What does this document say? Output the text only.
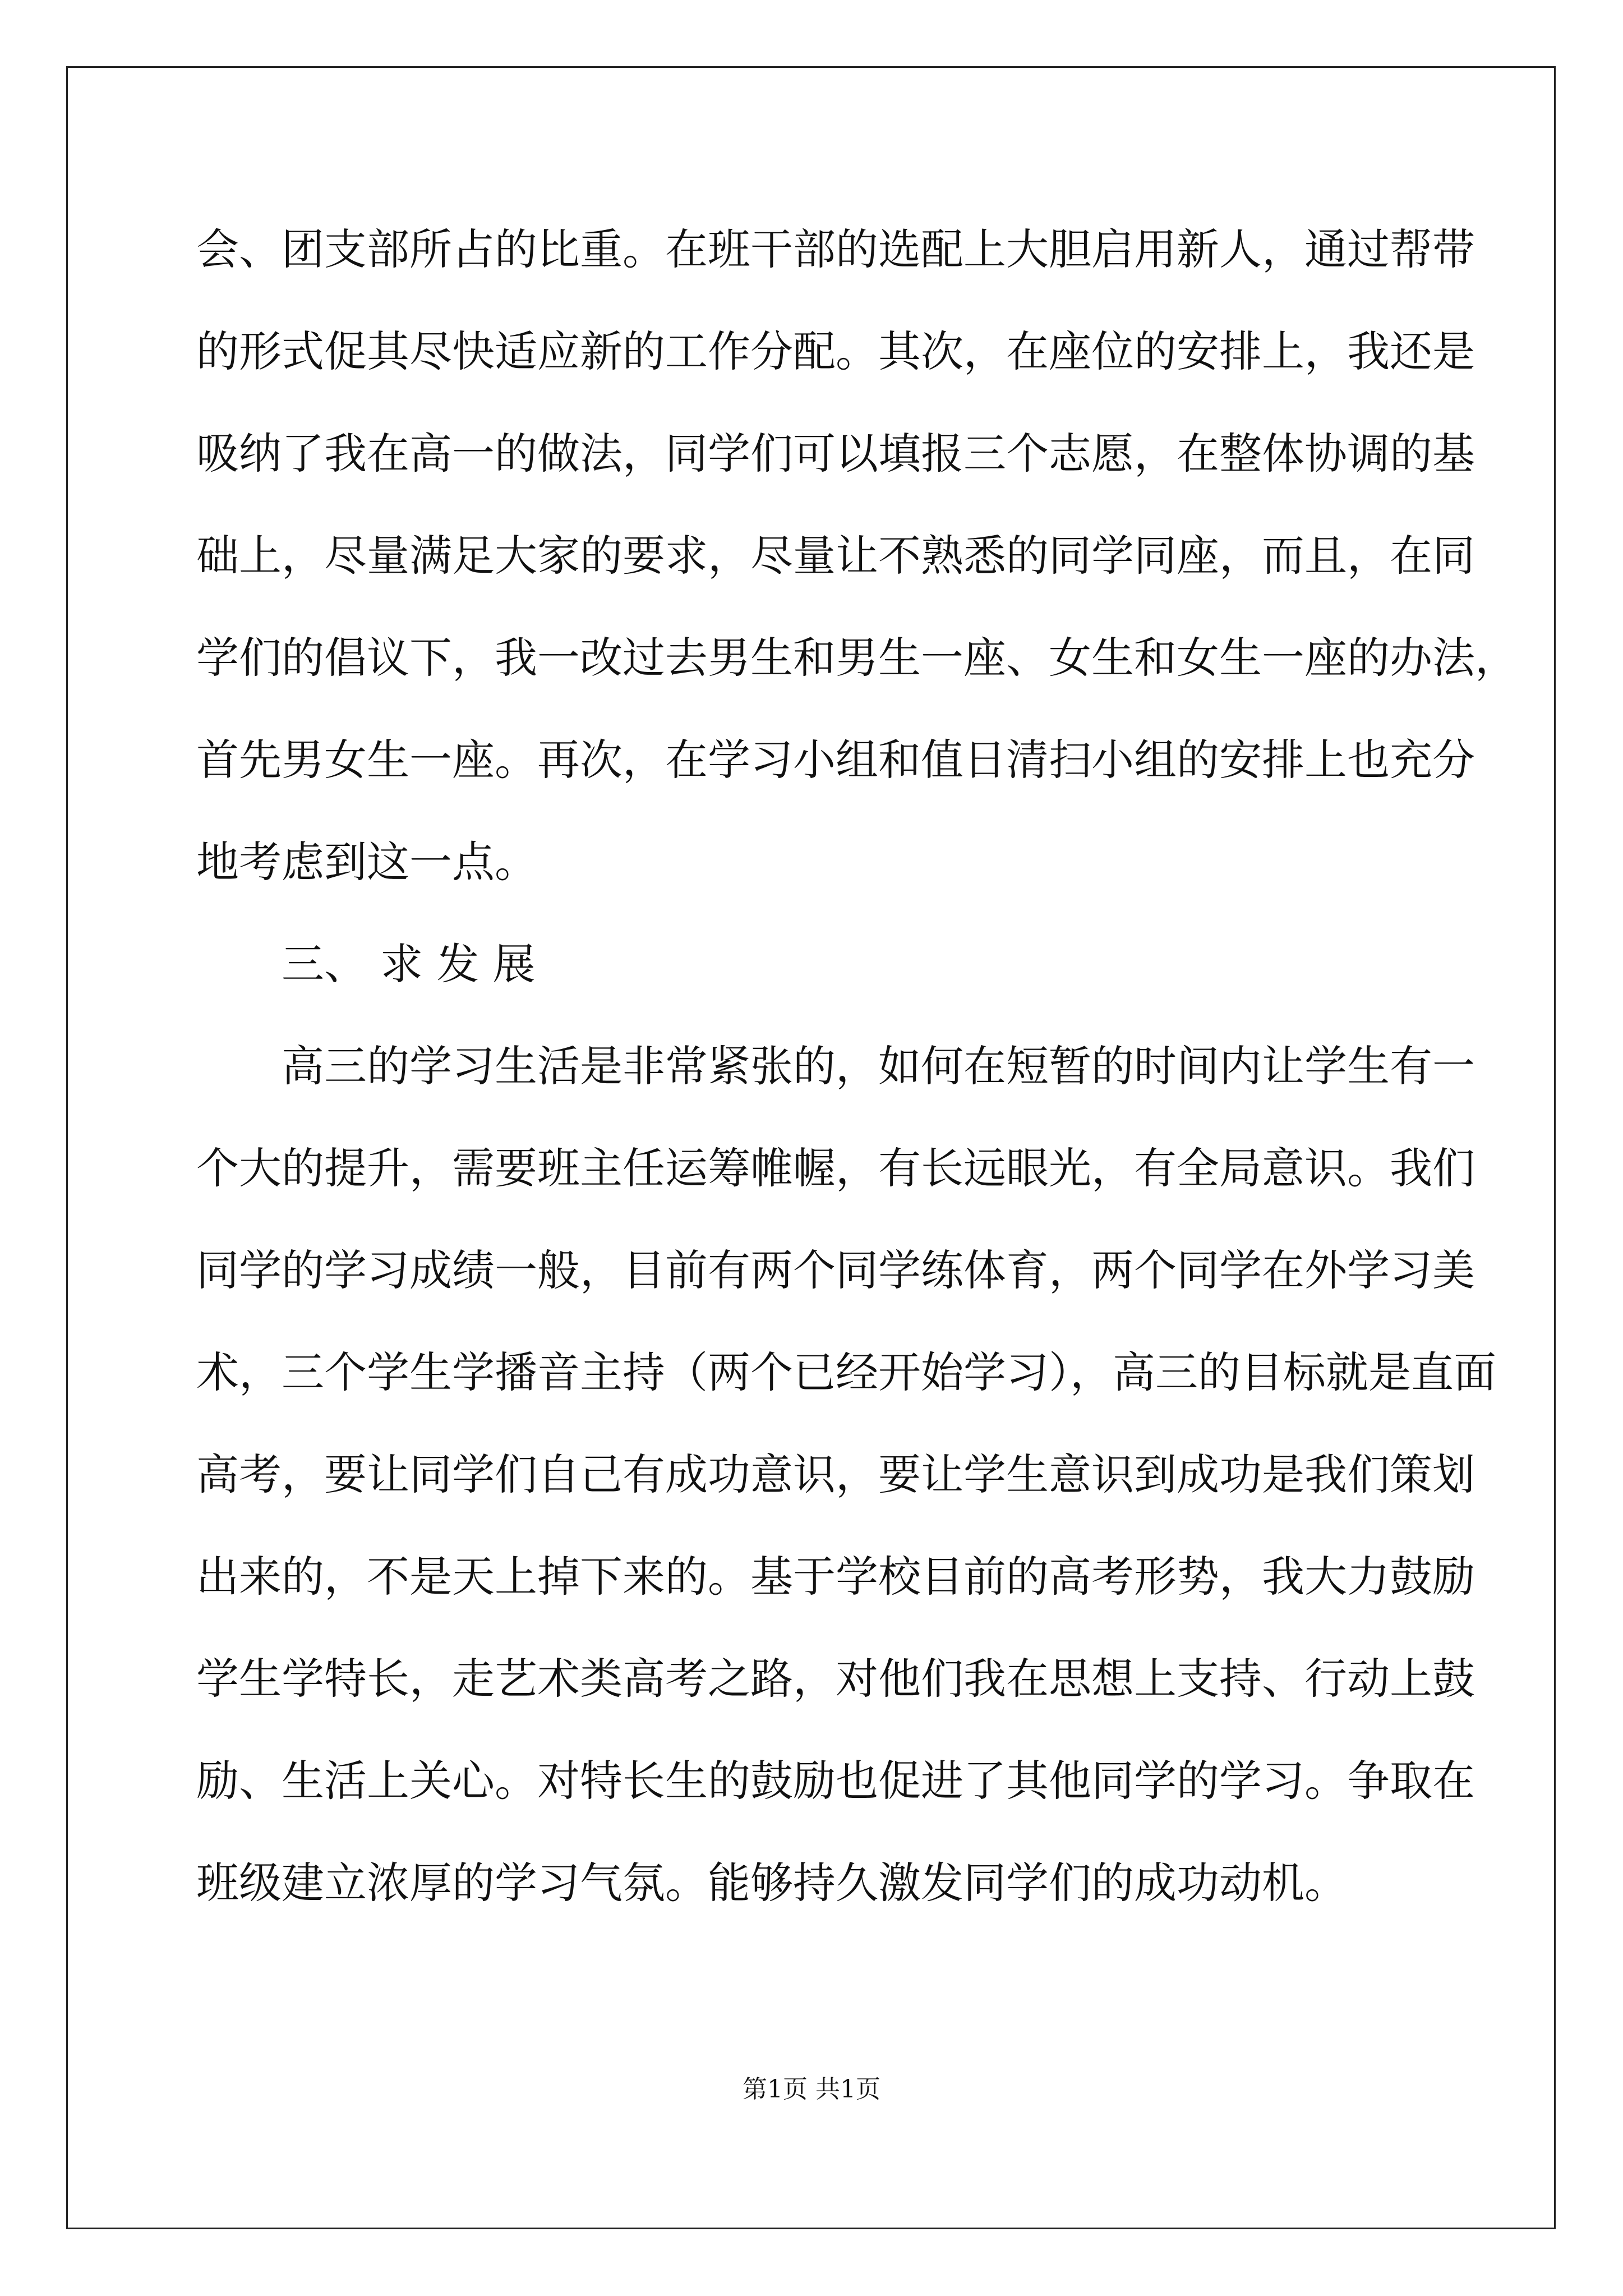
会、团支部所占的比重。在班干部的选配上大胆启用新人，通过帮带
的形式促其尽快适应新的工作分配。其次，在座位的安排上，我还是
吸纳了我在高一的做法，同学们可以填报三个志愿，在整体协调的基
础上，尽量满足大家的要求，尽量让不熟悉的同学同座，而且，在同
学们的倡议下，我一改过去男生和男生一座、女生和女生一座的办法，
首先男女生一座。再次，在学习小组和值日清扫小组的安排上也充分
地考虑到这一点。
三、 求 发 展
高三的学习生活是非常紧张的，如何在短暂的时间内让学生有一
个大的提升，需要班主任运筹帷幄，有长远眼光，有全局意识。我们
同学的学习成绩一般，目前有两个同学练体育，两个同学在外学习美
术，三个学生学播音主持（两个已经开始学习），高三的目标就是直面
高考，要让同学们自己有成功意识，要让学生意识到成功是我们策划
出来的，不是天上掉下来的。基于学校目前的高考形势，我大力鼓励
学生学特长，走艺术类高考之路，对他们我在思想上支持、行动上鼓
励、生活上关心。对特长生的鼓励也促进了其他同学的学习。争取在
班级建立浓厚的学习气氛。能够持久激发同学们的成功动机。
第1页 共1页
